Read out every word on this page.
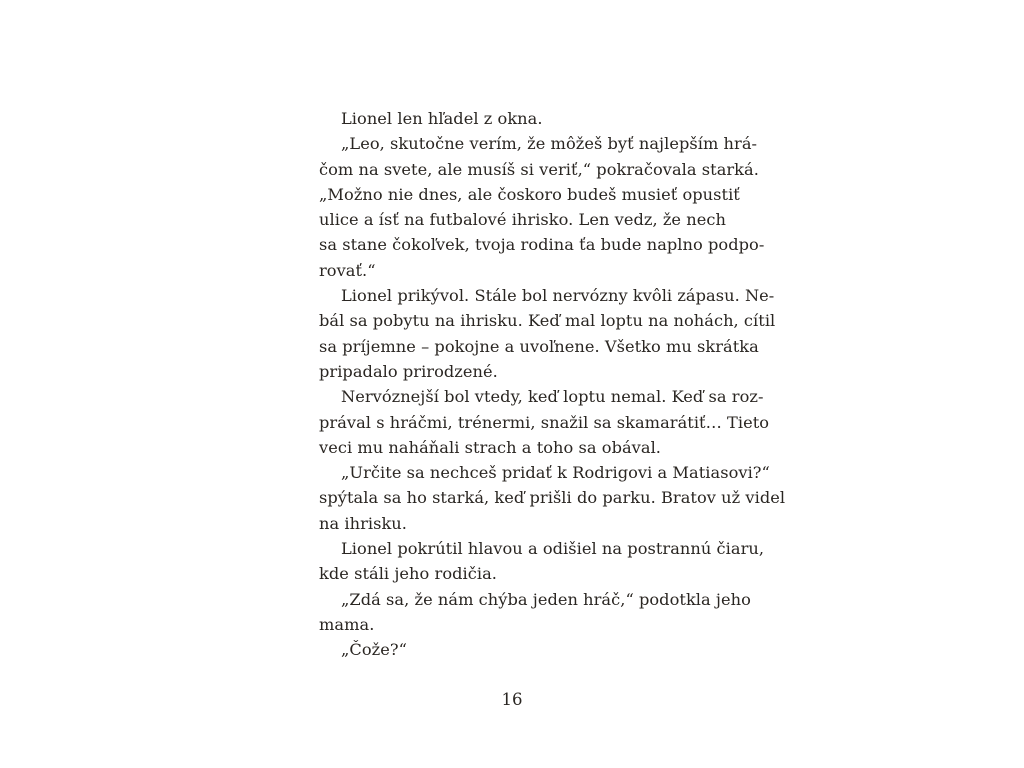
Lionel len hľadel z okna.
„Leo, skutočne verím, že môžeš byť najlepším hrá-
čom na svete, ale musíš si veriť,“ pokračovala starká.
„Možno nie dnes, ale čoskoro budeš musieť opustiť
ulice a ísť na futbalové ihrisko. Len vedz, že nech
sa stane čokoľvek, tvoja rodina ťa bude naplno podpo-
rovať.“
Lionel prikývol. Stále bol nervózny kvôli zápasu. Ne-
bál sa pobytu na ihrisku. Keď mal loptu na nohách, cítil
sa príjemne – pokojne a uvoľnene. Všetko mu skrátka
pripadalo prirodzené.
Nervóznejší bol vtedy, keď loptu nemal. Keď sa roz-
prával s hráčmi, trénermi, snažil sa skamarátiť… Tieto
veci mu naháňali strach a toho sa obával.
„Určite sa nechceš pridať k Rodrigovi a Matiasovi?“
spýtala sa ho starká, keď prišli do parku. Bratov už videl
na ihrisku.
Lionel pokrútil hlavou a odišiel na postrannú čiaru,
kde stáli jeho rodičia.
„Zdá sa, že nám chýba jeden hráč,“ podotkla jeho
mama.
„Čože?“
16
